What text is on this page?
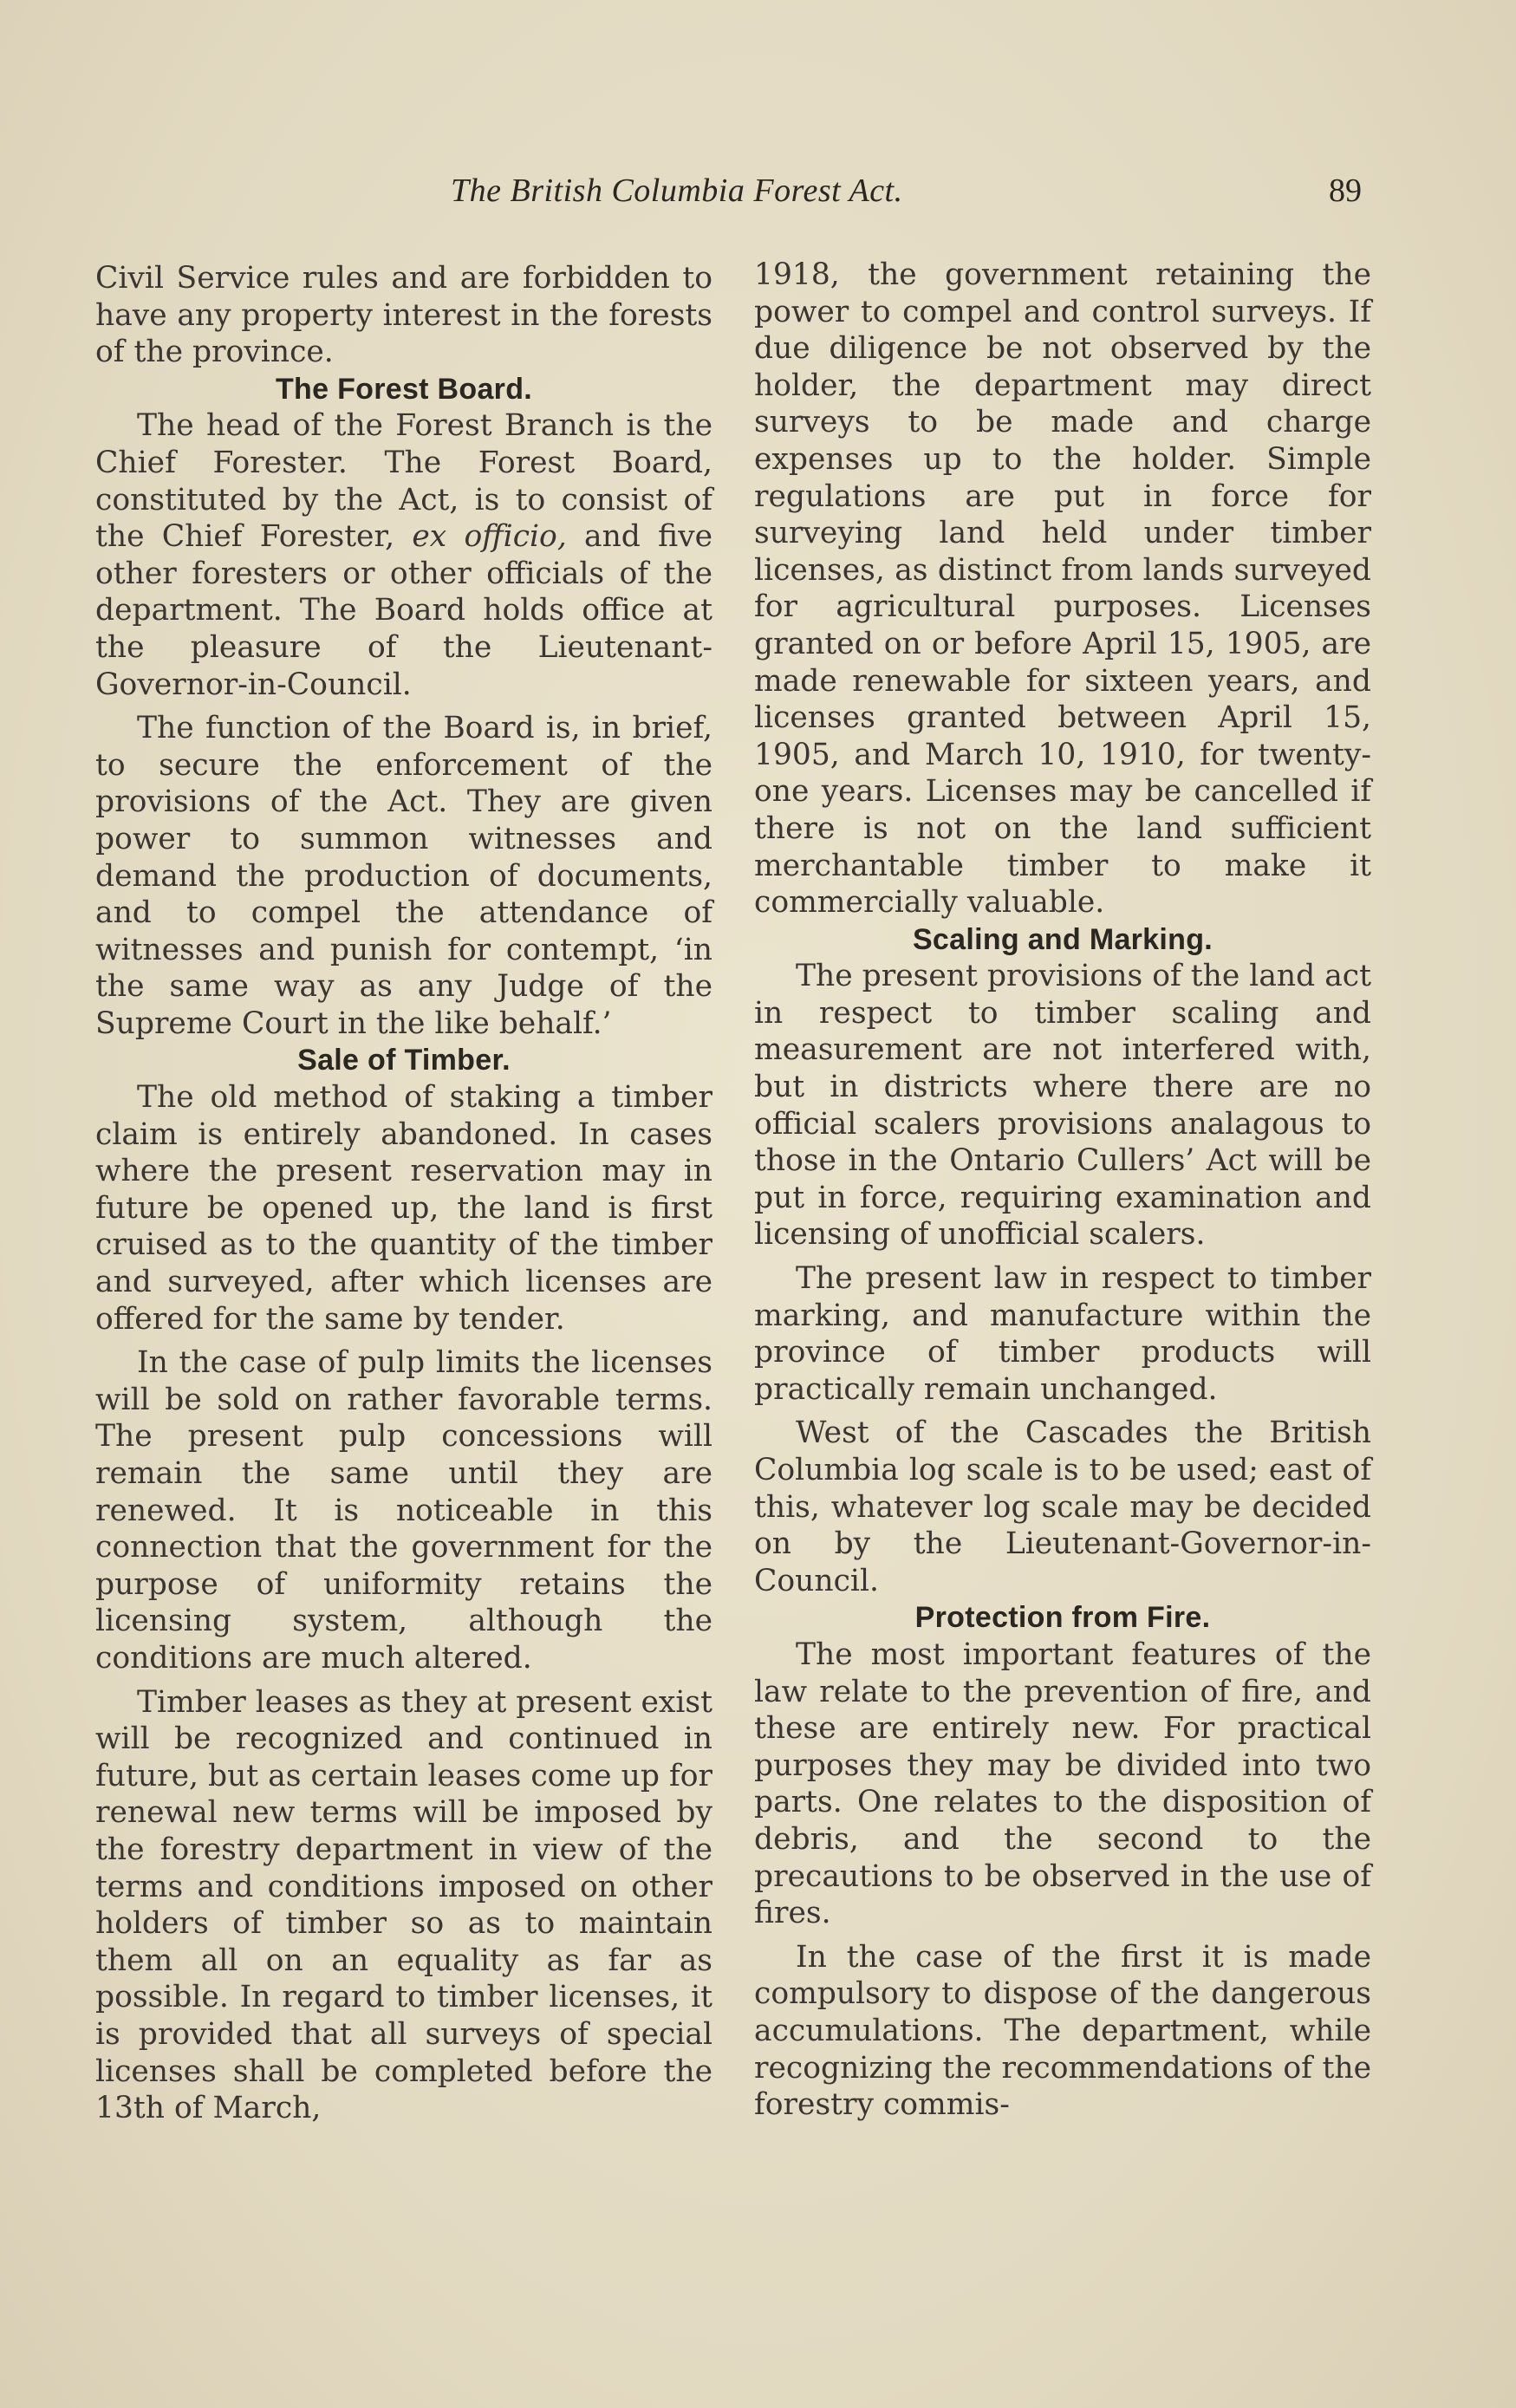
The British Columbia Forest Act.	89

Civil Service rules and are forbidden to have any property interest in the forests of the province.

The Forest Board.

The head of the Forest Branch is the Chief Forester. The Forest Board, constituted by the Act, is to consist of the Chief Forester, ex officio, and five other foresters or other officials of the department. The Board holds office at the pleasure of the Lieutenant-Governor-in-Council.

The function of the Board is, in brief, to secure the enforcement of the provisions of the Act. They are given power to summon witnesses and demand the production of documents, and to compel the attendance of witnesses and punish for contempt, ‘in the same way as any Judge of the Supreme Court in the like behalf.’

Sale of Timber.

The old method of staking a timber claim is entirely abandoned. In cases where the present reservation may in future be opened up, the land is first cruised as to the quantity of the timber and surveyed, after which licenses are offered for the same by tender.

In the case of pulp limits the licenses will be sold on rather favorable terms. The present pulp concessions will remain the same until they are renewed. It is noticeable in this connection that the government for the purpose of uniformity retains the licensing system, although the conditions are much altered.

Timber leases as they at present exist will be recognized and continued in future, but as certain leases come up for renewal new terms will be imposed by the forestry department in view of the terms and conditions imposed on other holders of timber so as to maintain them all on an equality as far as possible. In regard to timber licenses, it is provided that all surveys of special licenses shall be completed before the 13th of March,

1918, the government retaining the power to compel and control surveys. If due diligence be not observed by the holder, the department may direct surveys to be made and charge expenses up to the holder. Simple regulations are put in force for surveying land held under timber licenses, as distinct from lands surveyed for agricultural purposes. Licenses granted on or before April 15, 1905, are made renewable for sixteen years, and licenses granted between April 15, 1905, and March 10, 1910, for twenty-one years. Licenses may be cancelled if there is not on the land sufficient merchantable timber to make it commercially valuable.

Scaling and Marking.

The present provisions of the land act in respect to timber scaling and measurement are not interfered with, but in districts where there are no official scalers provisions analagous to those in the Ontario Cullers’ Act will be put in force, requiring examination and licensing of unofficial scalers.

The present law in respect to timber marking, and manufacture within the province of timber products will practically remain unchanged.

West of the Cascades the British Columbia log scale is to be used; east of this, whatever log scale may be decided on by the Lieutenant-Governor-in-Council.

Protection from Fire.

The most important features of the law relate to the prevention of fire, and these are entirely new. For practical purposes they may be divided into two parts. One relates to the disposition of debris, and the second to the precautions to be observed in the use of fires.

In the case of the first it is made compulsory to dispose of the dangerous accumulations. The department, while recognizing the recommendations of the forestry commis-
